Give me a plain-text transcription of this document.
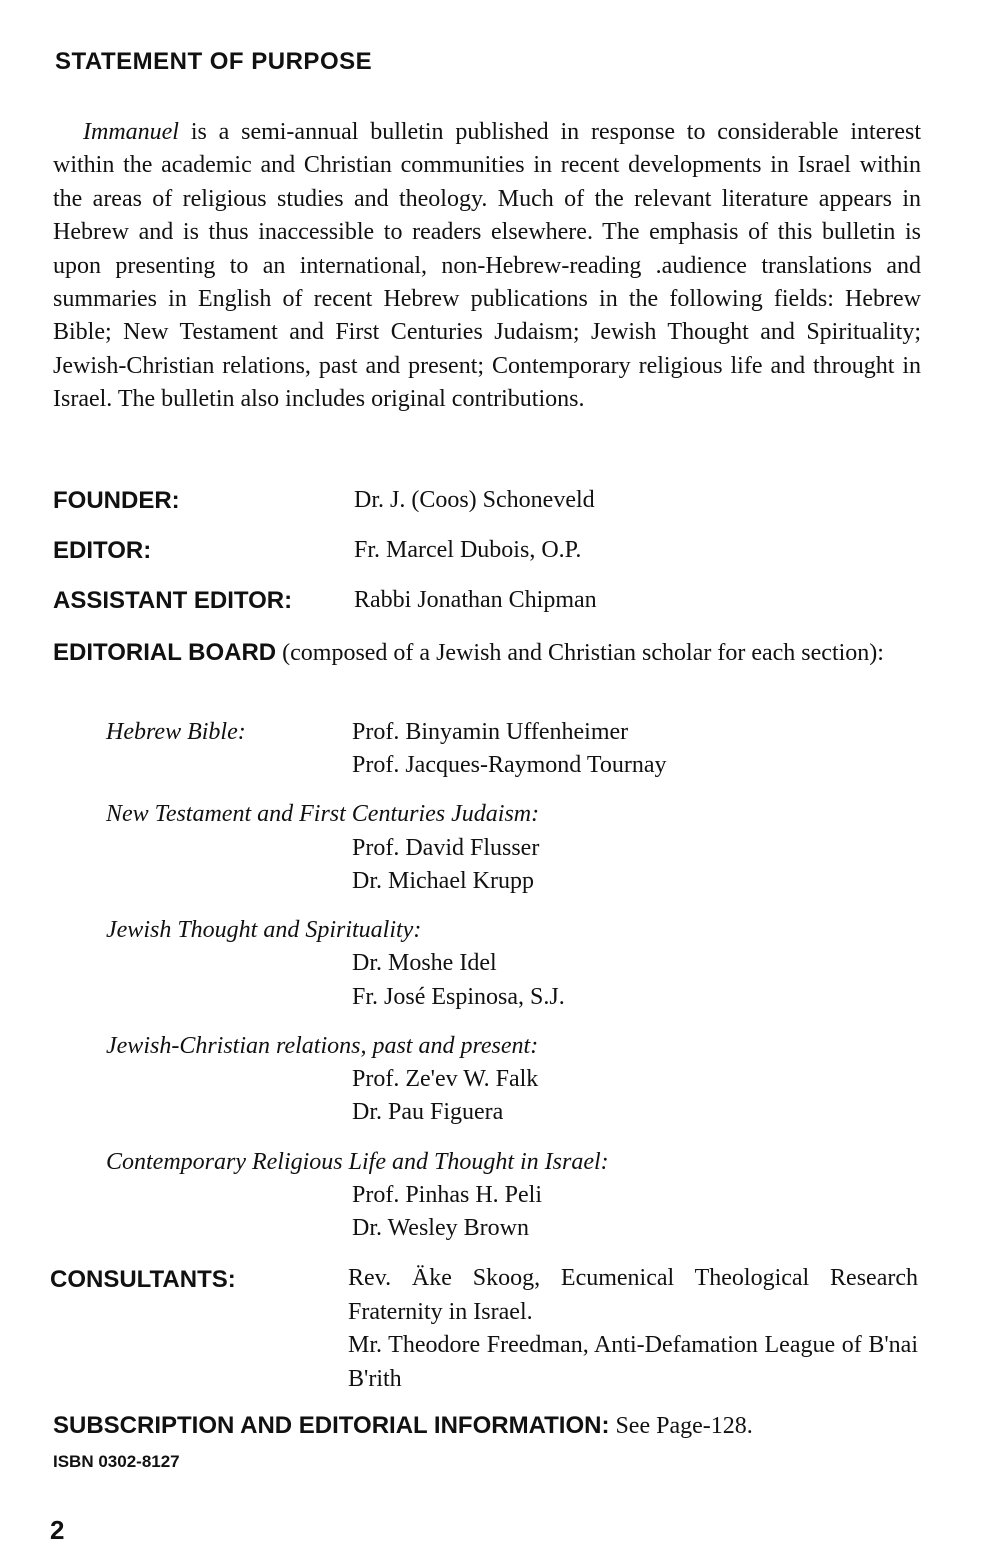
STATEMENT OF PURPOSE
Immanuel is a semi-annual bulletin published in response to considerable interest within the academic and Christian communities in recent developments in Israel within the areas of religious studies and theology. Much of the relevant literature appears in Hebrew and is thus inaccessible to readers elsewhere. The emphasis of this bulletin is upon presenting to an international, non-Hebrew-reading .audience translations and summaries in English of recent Hebrew publications in the following fields: Hebrew Bible; New Testament and First Centuries Judaism; Jewish Thought and Spirituality; Jewish-Christian relations, past and present; Contemporary religious life and throught in Israel. The bulletin also includes original contributions.
FOUNDER:	Dr. J. (Coos) Schoneveld
EDITOR:	Fr. Marcel Dubois, O.P.
ASSISTANT EDITOR:	Rabbi Jonathan Chipman
EDITORIAL BOARD (composed of a Jewish and Christian scholar for each section):
Hebrew Bible:	Prof. Binyamin Uffenheimer
Prof. Jacques-Raymond Tournay
New Testament and First Centuries Judaism:
Prof. David Flusser
Dr. Michael Krupp
Jewish Thought and Spirituality:
Dr. Moshe Idel
Fr. José Espinosa, S.J.
Jewish-Christian relations, past and present:
Prof. Ze'ev W. Falk
Dr. Pau Figuera
Contemporary Religious Life and Thought in Israel:
Prof. Pinhas H. Peli
Dr. Wesley Brown
CONSULTANTS:	Rev. Äke Skoog, Ecumenical Theological Research Fraternity in Israel.
Mr. Theodore Freedman, Anti-Defamation League of B'nai B'rith
SUBSCRIPTION AND EDITORIAL INFORMATION: See Page-128.
ISBN 0302-8127
2
